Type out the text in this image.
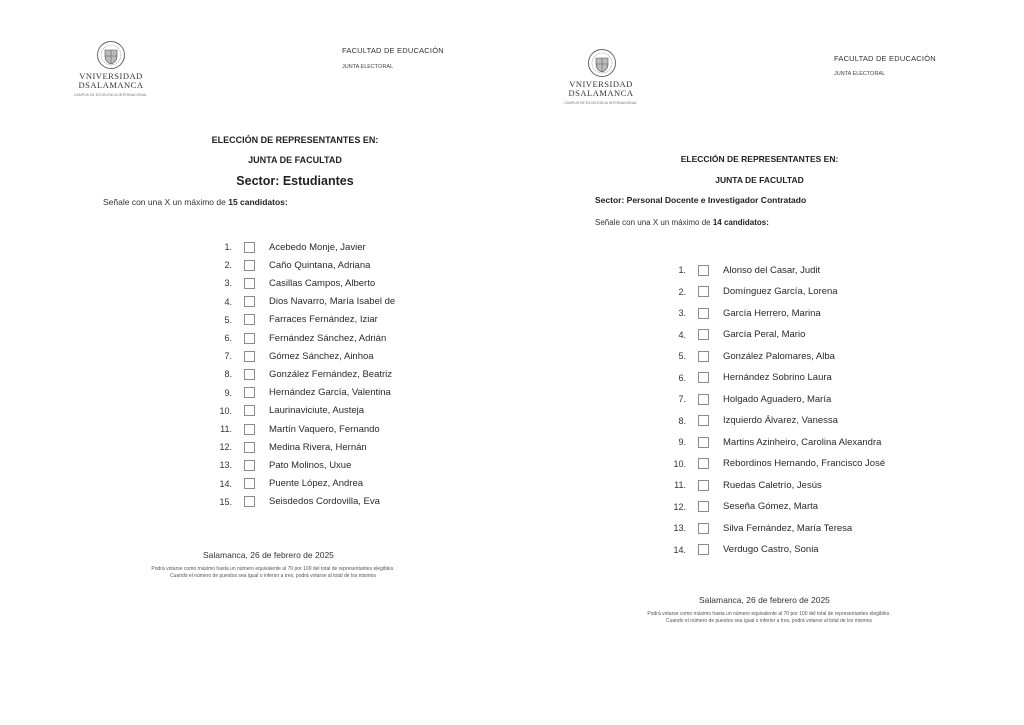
VNIVERSIDAD
DSALAMANCA
CAMPUS DE EXCELENCIA INTERNACIONAL
FACULTAD DE EDUCACIÓN
JUNTA ELECTORAL
ELECCIÓN DE REPRESENTANTES EN:
JUNTA DE FACULTAD
Sector: Estudiantes
Señale con una X un máximo de 15 candidatos:
1.	Acebedo Monje, Javier
2.	Caño Quintana, Adriana
3.	Casillas Campos, Alberto
4.	Dios Navarro, María Isabel de
5.	Farraces Fernández, Iziar
6.	Fernández Sánchez, Adrián
7.	Gómez Sánchez, Ainhoa
8.	González Fernández, Beatriz
9.	Hernández García, Valentina
10.	Laurinaviciute, Austeja
11.	Martín Vaquero, Fernando
12.	Medina Rivera, Hernán
13.	Pato Molinos, Uxue
14.	Puente López, Andrea
15.	Seisdedos Cordovilla, Eva
Salamanca, 26 de febrero de 2025
Podrá votarse como máximo hasta un número equivalente al 70 por 100 del total de representantes elegibles.
Cuando el número de puestos sea igual o inferior a tres, podrá votarse al total de los mismos
VNIVERSIDAD
DSALAMANCA
CAMPUS DE EXCELENCIA INTERNACIONAL
FACULTAD DE EDUCACIÓN
JUNTA ELECTORAL
ELECCIÓN DE REPRESENTANTES EN:
JUNTA DE FACULTAD
Sector: Personal Docente e Investigador Contratado
Señale con una X un máximo de 14 candidatos:
1.	Alonso del Casar, Judit
2.	Domínguez García, Lorena
3.	García Herrero, Marina
4.	García Peral, Mario
5.	González Palomares, Alba
6.	Hernández Sobrino Laura
7.	Holgado Aguadero, María
8.	Izquierdo Álvarez, Vanessa
9.	Martins Azinheiro, Carolina Alexandra
10.	Rebordinos Hernando, Francisco José
11.	Ruedas Caletrío, Jesús
12.	Seseña Gómez, Marta
13.	Silva Fernández, María Teresa
14.	Verdugo Castro, Sonia
Salamanca, 26 de febrero de 2025
Podrá votarse como máximo hasta un número equivalente al 70 por 100 del total de representantes elegibles.
Cuando el número de puestos sea igual o inferior a tres, podrá votarse al total de los mismos
